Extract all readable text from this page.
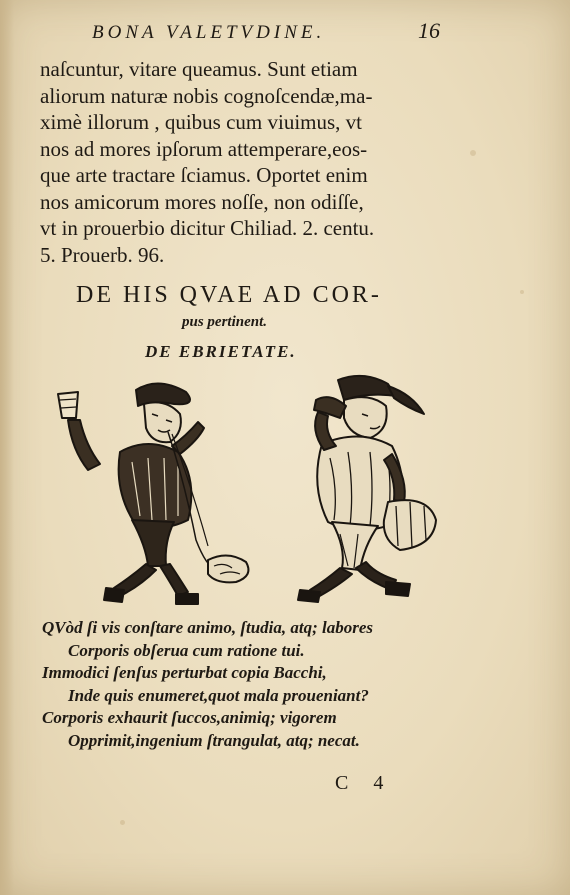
BONA VALETVDINE.	16
naſcuntur, vitare queamus. Sunt etiam
aliorum naturæ nobis cognoſcendæ,ma-
ximè illorum , quibus cum viuimus, vt
nos ad mores ipſorum attemperare,eos-
que arte tractare ſciamus. Oportet enim
nos amicorum mores noſſe, non odiſſe,
vt in prouerbio dicitur Chiliad. 2. centu.
5. Prouerb. 96.
DE HIS QVAE AD COR-
pus pertinent.
DE EBRIETATE.
QVòd ſi vis conſtare animo, ſtudia, atq; labores
Corporis obſerua cum ratione tui.
Immodici ſenſus perturbat copia Bacchi,
Inde quis enumeret,quot mala proueniant?
Corporis exhaurit ſuccos,animiq; vigorem
Opprimit,ingenium ſtrangulat, atq; necat.
C 4
